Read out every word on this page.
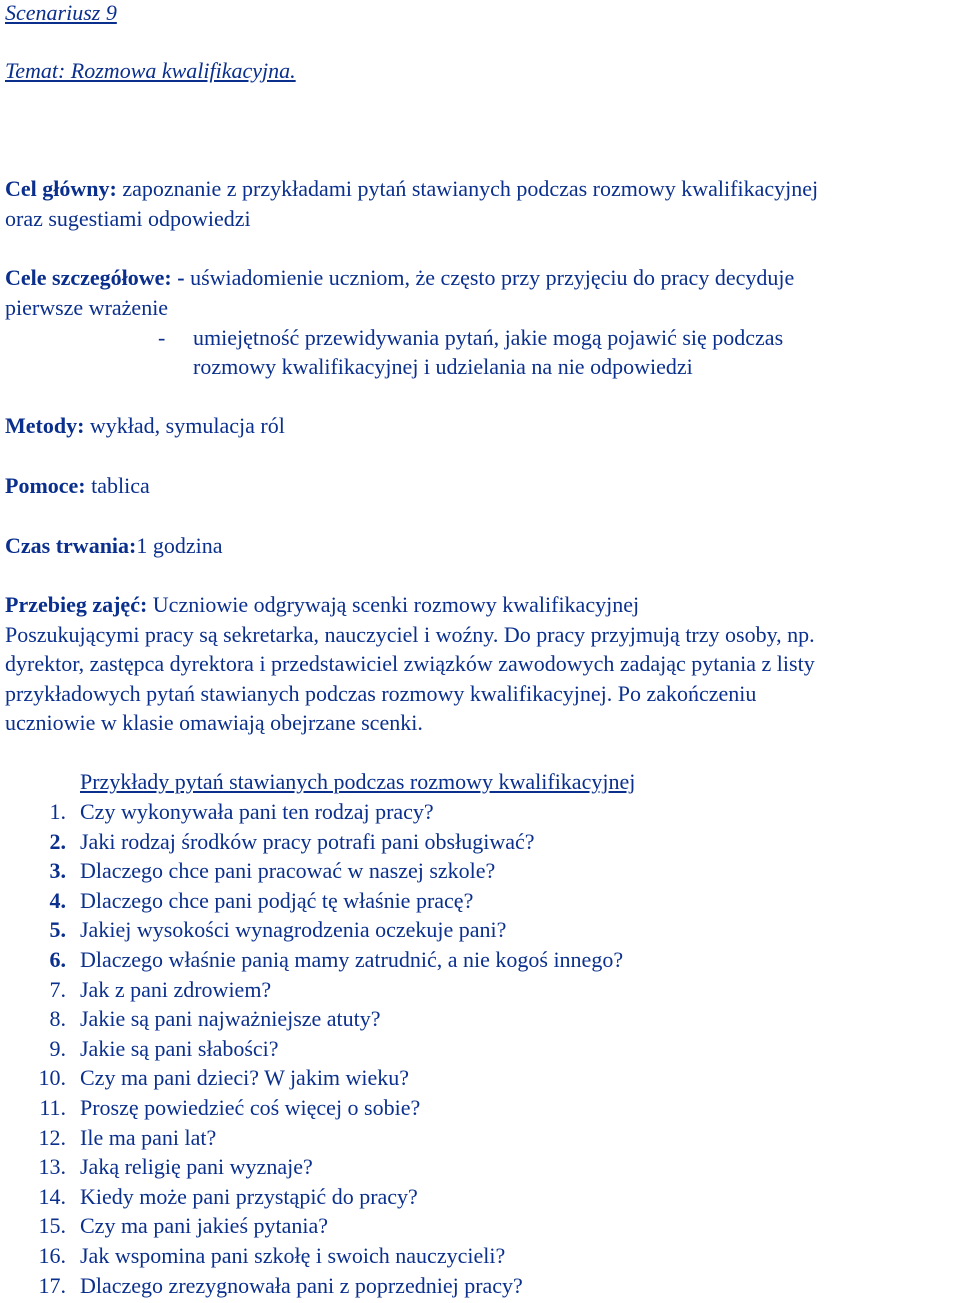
Scenariusz 9
Temat: Rozmowa kwalifikacyjna.
Cel główny: zapoznanie z przykładami pytań stawianych podczas rozmowy kwalifikacyjnej
oraz sugestiami odpowiedzi
Cele szczegółowe: - uświadomienie uczniom, że często przy przyjęciu do pracy decyduje
pierwsze wrażenie
- umiejętność przewidywania pytań, jakie mogą pojawić się podczas
rozmowy kwalifikacyjnej i udzielania na nie odpowiedzi
Metody: wykład, symulacja ról
Pomoce: tablica
Czas trwania:1 godzina
Przebieg zajęć: Uczniowie odgrywają scenki rozmowy kwalifikacyjnej
Poszukującymi pracy są sekretarka, nauczyciel i woźny. Do pracy przyjmują trzy osoby, np.
dyrektor, zastępca dyrektora i przedstawiciel związków zawodowych zadając pytania z listy
przykładowych pytań stawianych podczas rozmowy kwalifikacyjnej. Po zakończeniu
uczniowie w klasie omawiają obejrzane scenki.
Przykłady pytań stawianych podczas rozmowy kwalifikacyjnej
1. Czy wykonywała pani ten rodzaj pracy?
2. Jaki rodzaj środków pracy potrafi pani obsługiwać?
3. Dlaczego chce pani pracować w naszej szkole?
4. Dlaczego chce pani podjąć tę właśnie pracę?
5. Jakiej wysokości wynagrodzenia oczekuje pani?
6. Dlaczego właśnie panią mamy zatrudnić, a nie kogoś innego?
7. Jak z pani zdrowiem?
8. Jakie są pani najważniejsze atuty?
9. Jakie są pani słabości?
10. Czy ma pani dzieci? W jakim wieku?
11. Proszę powiedzieć coś więcej o sobie?
12. Ile ma pani lat?
13. Jaką religię pani wyznaje?
14. Kiedy może pani przystąpić do pracy?
15. Czy ma pani jakieś pytania?
16. Jak wspomina pani szkołę i swoich nauczycieli?
17. Dlaczego zrezygnowała pani z poprzedniej pracy?
